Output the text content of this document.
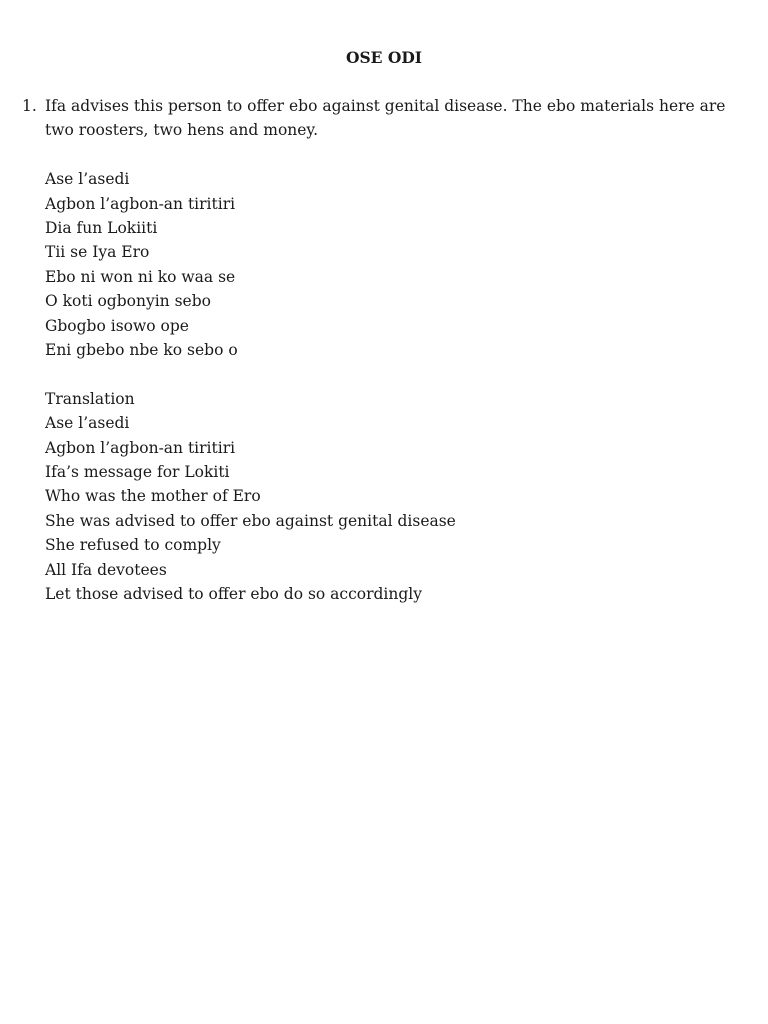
OSE ODI
1. Ifa advises this person to offer ebo against genital disease. The ebo materials here are two roosters, two hens and money.

Ase l’asedi
Agbon l’agbon-an tiritiri
Dia fun Lokiiti
Tii se Iya Ero
Ebo ni won ni ko waa se
O koti ogbonyin sebo
Gbogbo isowo ope
Eni gbebo nbe ko sebo o
Translation
Ase l’asedi
Agbon l’agbon-an tiritiri
Ifa’s message for Lokiti
Who was the mother of Ero
She was advised to offer ebo against genital disease
She refused to comply
All Ifa devotees
Let those advised to offer ebo do so accordingly
